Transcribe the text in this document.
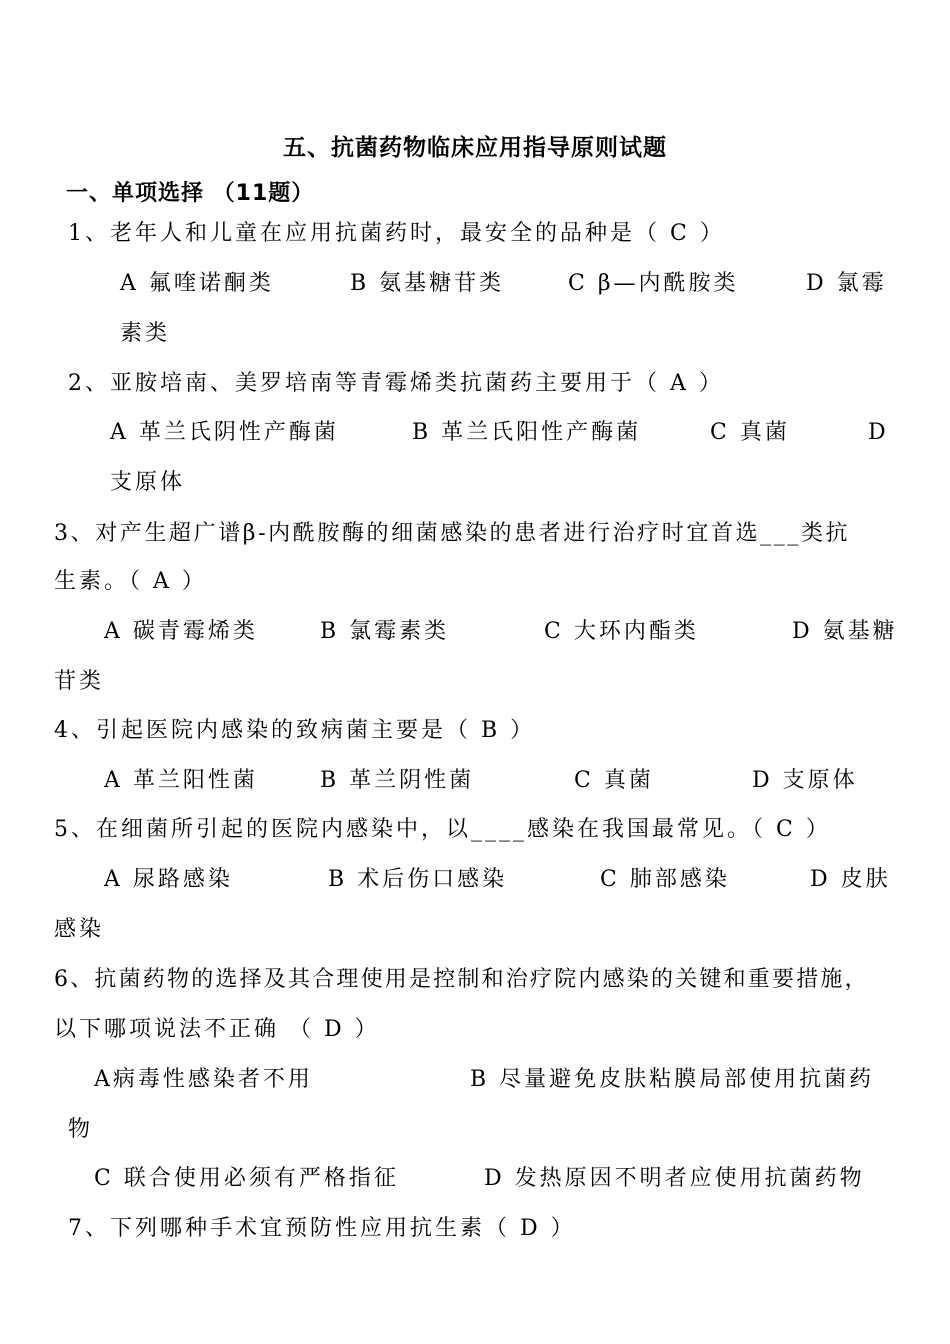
五、抗菌药物临床应用指导原则试题
一、单项选择 （11题）
1、老年人和儿童在应用抗菌药时，最安全的品种是（ C ）
A 氟喹诺酮类	B 氨基糖苷类	C β—内酰胺类	D 氯霉
素类
2、亚胺培南、美罗培南等青霉烯类抗菌药主要用于（ A ）
A 革兰氏阴性产酶菌	B 革兰氏阳性产酶菌	C 真菌	D
支原体
3、对产生超广谱β-内酰胺酶的细菌感染的患者进行治疗时宜首选___类抗
生素。（ A ）
A 碳青霉烯类	B 氯霉素类	C 大环内酯类	D 氨基糖
苷类
4、引起医院内感染的致病菌主要是（ B ）
A 革兰阳性菌	B 革兰阴性菌	C 真菌	D 支原体
5、在细菌所引起的医院内感染中，以____感染在我国最常见。（ C ）
A 尿路感染	B 术后伤口感染	C 肺部感染	D 皮肤
感染
6、抗菌药物的选择及其合理使用是控制和治疗院内感染的关键和重要措施，
以下哪项说法不正确 （ D ）
A病毒性感染者不用	B 尽量避免皮肤粘膜局部使用抗菌药
物
C 联合使用必须有严格指征	D 发热原因不明者应使用抗菌药物
7、下列哪种手术宜预防性应用抗生素（ D ）
